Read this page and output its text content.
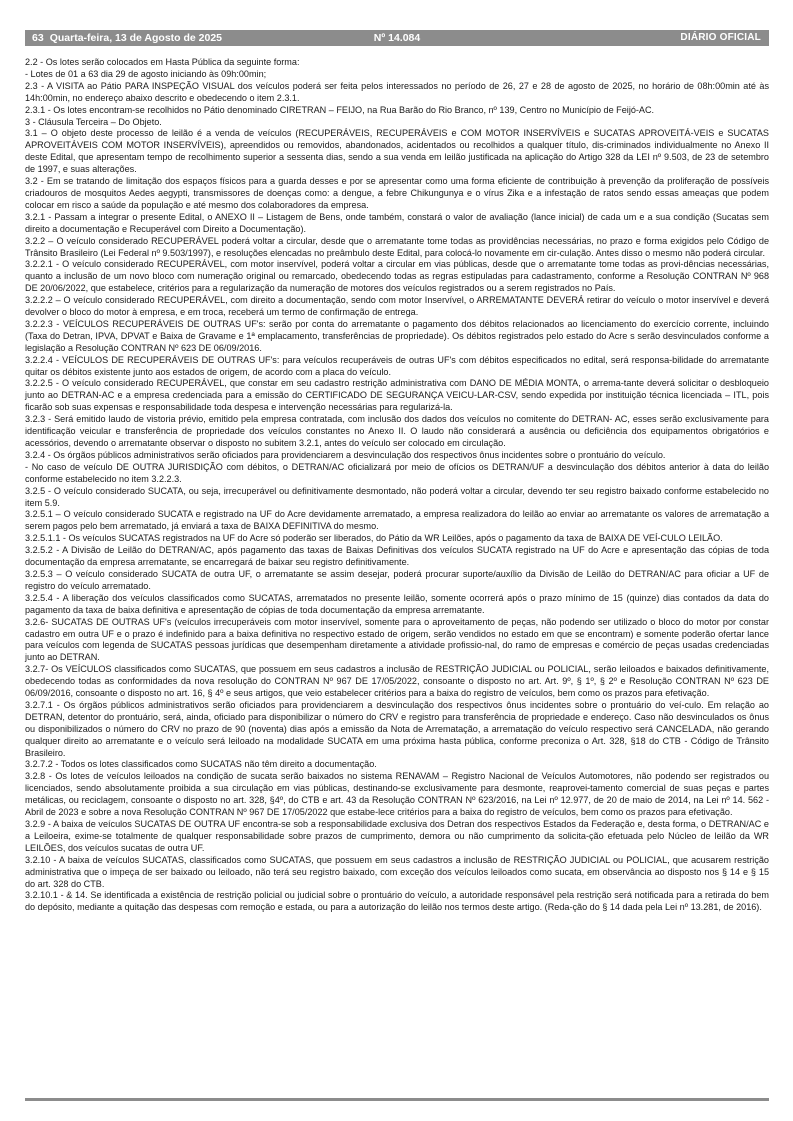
63 Quarta-feira, 13 de Agosto de 2025	Nº 14.084	DIÁRIO OFICIAL

2.2 - Os lotes serão colocados em Hasta Pública da seguinte forma:

- Lotes de 01 a 63 dia 29 de agosto iniciando às 09h:00min;

2.3 - A VISITA ao Pátio PARA INSPEÇÃO VISUAL dos veículos poderá ser feita pelos interessados no período de 26, 27 e 28 de agosto de 2025, no horário de 08h:00min até às 14h:00min, no endereço abaixo descrito e obedecendo o item 2.3.1.

2.3.1 - Os lotes encontram-se recolhidos no Pátio denominado CIRETRAN – FEIJO, na Rua Barão do Rio Branco, nº 139, Centro no Município de Feijó-AC.

3 - Cláusula Terceira – Do Objeto.

3.1 – O objeto deste processo de leilão é a venda de veículos (RECUPERÁVEIS, RECUPERÁVEIS e COM MOTOR INSERVÍVEIS e SUCATAS APROVEITÁ-VEIS e SUCATAS APROVEITÁVEIS COM MOTOR INSERVÍVEIS), apreendidos ou removidos, abandonados, acidentados ou recolhidos a qualquer título, dis-criminados individualmente no Anexo II deste Edital, que apresentam tempo de recolhimento superior a sessenta dias, sendo a sua venda em leilão justificada na aplicação do Artigo 328 da LEI nº 9.503, de 23 de setembro de 1997, e suas alterações.

3.2 - Em se tratando de limitação dos espaços físicos para a guarda desses e por se apresentar como uma forma eficiente de contribuição à prevenção da proliferação de possíveis criadouros de mosquitos Aedes aegypti, transmissores de doenças como: a dengue, a febre Chikungunya e o vírus Zika e a infestação de ratos sendo essas ameaças que podem colocar em risco a saúde da população e até mesmo dos colaboradores da empresa.

3.2.1 - Passam a integrar o presente Edital, o ANEXO II – Listagem de Bens, onde também, constará o valor de avaliação (lance inicial) de cada um e a sua condição (Sucatas sem direito a documentação e Recuperável com Direito a Documentação).

3.2.2 – O veículo considerado RECUPERÁVEL poderá voltar a circular, desde que o arrematante tome todas as providências necessárias, no prazo e forma exigidos pelo Código de Trânsito Brasileiro (Lei Federal nº 9.503/1997), e resoluções elencadas no preâmbulo deste Edital, para colocá-lo novamente em cir-culação. Antes disso o mesmo não poderá circular.

3.2.2.1 - O veículo considerado RECUPERÁVEL, com motor inservível, poderá voltar a circular em vias públicas, desde que o arrematante tome todas as provi-dências necessárias, quanto a inclusão de um novo bloco com numeração original ou remarcado, obedecendo todas as regras estipuladas para cadastramento, conforme a Resolução CONTRAN Nº 968 DE 20/06/2022, que estabelece, critérios para a regularização da numeração de motores dos veículos registrados ou a serem registrados no País.

3.2.2.2 – O veículo considerado RECUPERÁVEL, com direito a documentação, sendo com motor Inservível, o ARREMATANTE DEVERÁ retirar do veículo o motor inservível e deverá devolver o bloco do motor à empresa, e em troca, receberá um termo de confirmação de entrega.

3.2.2.3 - VEÍCULOS RECUPERÁVEIS DE OUTRAS UF's: serão por conta do arrematante o pagamento dos débitos relacionados ao licenciamento do exercício corrente, incluindo (Taxa do Detran, IPVA, DPVAT e Baixa de Gravame e 1ª emplacamento, transferências de propriedade). Os débitos registrados pelo estado do Acre s serão desvinculados conforme a legislação a Resolução CONTRAN Nº 623 DE 06/09/2016.

3.2.2.4 - VEÍCULOS DE RECUPERÁVEIS DE OUTRAS UF's: para veículos recuperáveis de outras UF's com débitos especificados no edital, será responsa-bilidade do arrematante quitar os débitos existente junto aos estados de origem, de acordo com a placa do veículo.

3.2.2.5 - O veículo considerado RECUPERÁVEL, que constar em seu cadastro restrição administrativa com DANO DE MÉDIA MONTA, o arrema-tante deverá solicitar o desbloqueio junto ao DETRAN-AC e a empresa credenciada para a emissão do CERTIFICADO DE SEGURANÇA VEICU-LAR-CSV, sendo expedida por instituição técnica licenciada – ITL, pois ficarão sob suas expensas e responsabilidade toda despesa e intervenção necessárias para regularizá-la.

3.2.3 - Será emitido laudo de vistoria prévio, emitido pela empresa contratada, com inclusão dos dados dos veículos no comitente do DETRAN- AC, esses serão exclusivamente para identificação veicular e transferência de propriedade dos veículos constantes no Anexo II. O laudo não considerará a ausência ou deficiência dos equipamentos obrigatórios e acessórios, devendo o arrematante observar o disposto no subitem 3.2.1, antes do veículo ser colocado em circulação.

3.2.4 - Os órgãos públicos administrativos serão oficiados para providenciarem a desvinculação dos respectivos ônus incidentes sobre o prontuário do veículo.

- No caso de veículo DE OUTRA JURISDIÇÃO com débitos, o DETRAN/AC oficializará por meio de ofícios os DETRAN/UF a desvinculação dos débitos anterior à data do leilão conforme estabelecido no item 3.2.2.3.

3.2.5 - O veículo considerado SUCATA, ou seja, irrecuperável ou definitivamente desmontado, não poderá voltar a circular, devendo ter seu registro baixado conforme estabelecido no item 5.9.

3.2.5.1 – O veículo considerado SUCATA e registrado na UF do Acre devidamente arrematado, a empresa realizadora do leilão ao enviar ao arrematante os valores de arrematação a serem pagos pelo bem arrematado, já enviará a taxa de BAIXA DEFINITIVA do mesmo.

3.2.5.1.1 - Os veículos SUCATAS registrados na UF do Acre só poderão ser liberados, do Pátio da WR Leilões, após o pagamento da taxa de BAIXA DE VEÍ-CULO LEILÃO.

3.2.5.2 - A Divisão de Leilão do DETRAN/AC, após pagamento das taxas de Baixas Definitivas dos veículos SUCATA registrado na UF do Acre e apresentação das cópias de toda documentação da empresa arrematante, se encarregará de baixar seu registro definitivamente.

3.2.5.3 – O veículo considerado SUCATA de outra UF, o arrematante se assim desejar, poderá procurar suporte/auxílio da Divisão de Leilão do DETRAN/AC para oficiar a UF de registro do veículo arrematado.

3.2.5.4 - A liberação dos veículos classificados como SUCATAS, arrematados no presente leilão, somente ocorrerá após o prazo mínimo de 15 (quinze) dias contados da data do pagamento da taxa de baixa definitiva e apresentação de cópias de toda documentação da empresa arrematante.

3.2.6- SUCATAS DE OUTRAS UF's (veículos irrecuperáveis com motor inservível, somente para o aproveitamento de peças, não podendo ser utilizado o bloco do motor por constar cadastro em outra UF e o prazo é indefinido para a baixa definitiva no respectivo estado de origem, serão vendidos no estado em que se encontram) e somente poderão ofertar lance para veículos com legenda de SUCATAS pessoas jurídicas que desempenham diretamente a atividade profissio-nal, do ramo de empresas e comércio de peças usadas credenciadas junto ao DETRAN.

3.2.7- Os VEÍCULOS classificados como SUCATAS, que possuem em seus cadastros a inclusão de RESTRIÇÃO JUDICIAL ou POLICIAL, serão leiloados e baixados definitivamente, obedecendo todas as conformidades da nova resolução do CONTRAN Nº 967 DE 17/05/2022, consoante o disposto no art. Art. 9º, § 1º, § 2º e Resolução CONTRAN Nº 623 DE 06/09/2016, consoante o disposto no art. 16, § 4º e seus artigos, que veio estabelecer critérios para a baixa do registro de veículos, bem como os prazos para efetivação.

3.2.7.1 - Os órgãos públicos administrativos serão oficiados para providenciarem a desvinculação dos respectivos ônus incidentes sobre o prontuário do veí-culo. Em relação ao DETRAN, detentor do prontuário, será, ainda, oficiado para disponibilizar o número do CRV e registro para transferência de propriedade e endereço. Caso não desvinculados os ônus ou disponibilizados o número do CRV no prazo de 90 (noventa) dias após a emissão da Nota de Arrematação, a arrematação do veículo respectivo será CANCELADA, não gerando qualquer direito ao arrematante e o veículo será leiloado na modalidade SUCATA em uma próxima hasta pública, conforme preconiza o Art. 328, §18 do CTB - Código de Trânsito Brasileiro.

3.2.7.2 - Todos os lotes classificados como SUCATAS não têm direito a documentação.

3.2.8 - Os lotes de veículos leiloados na condição de sucata serão baixados no sistema RENAVAM – Registro Nacional de Veículos Automotores, não podendo ser registrados ou licenciados, sendo absolutamente proibida a sua circulação em vias públicas, destinando-se exclusivamente para desmonte, reaprovei-tamento comercial de suas peças e partes metálicas, ou reciclagem, consoante o disposto no art. 328, §4º, do CTB e art. 43 da Resolução CONTRAN Nº 623/2016, na Lei nº 12.977, de 20 de maio de 2014, na Lei nº 14. 562 - Abril de 2023 e sobre a nova Resolução CONTRAN Nº 967 DE 17/05/2022 que estabe-lece critérios para a baixa do registro de veículos, bem como os prazos para efetivação.

3.2.9 - A baixa de veículos SUCATAS DE OUTRA UF encontra-se sob a responsabilidade exclusiva dos Detran dos respectivos Estados da Federação e, desta forma, o DETRAN/AC e a Leiloeira, exime-se totalmente de qualquer responsabilidade sobre prazos de cumprimento, demora ou não cumprimento da solicita-ção efetuada pelo Núcleo de leilão da WR LEILÕES, dos veículos sucatas de outra UF.

3.2.10 - A baixa de veículos SUCATAS, classificados como SUCATAS, que possuem em seus cadastros a inclusão de RESTRIÇÃO JUDICIAL ou POLICIAL, que acusarem restrição administrativa que o impeça de ser baixado ou leiloado, não terá seu registro baixado, com exceção dos veículos leiloados como sucata, em observância ao disposto nos § 14 e § 15 do art. 328 do CTB.

3.2.10.1 - & 14. Se identificada a existência de restrição policial ou judicial sobre o prontuário do veículo, a autoridade responsável pela restrição será notificada para a retirada do bem do depósito, mediante a quitação das despesas com remoção e estada, ou para a autorização do leilão nos termos deste artigo. (Reda-ção do § 14 dada pela Lei nº 13.281, de 2016).
